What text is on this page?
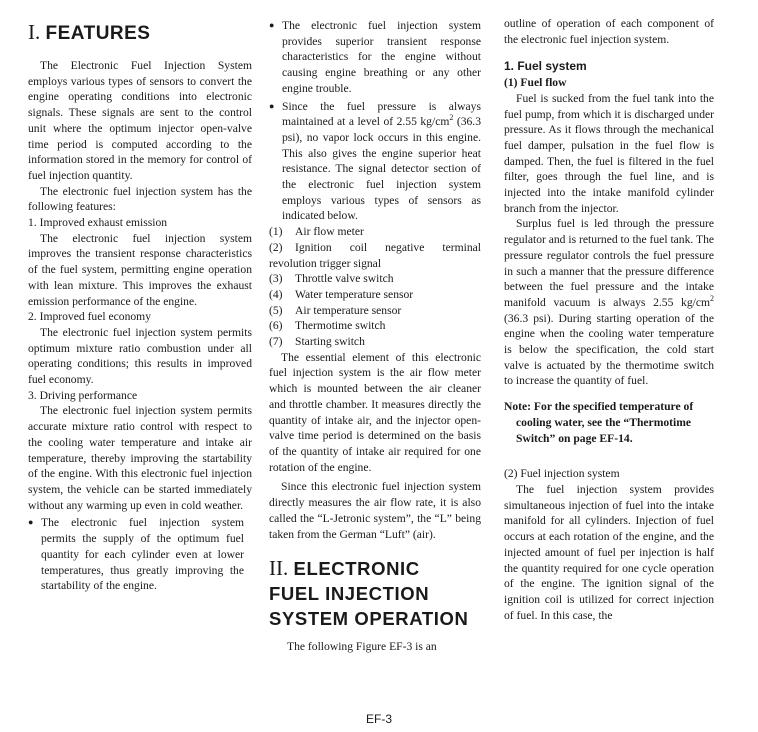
I. FEATURES

The Electronic Fuel Injection System employs various types of sensors to convert the engine operating conditions into electronic signals. These signals are sent to the control unit where the optimum injector open-valve time period is computed according to the information stored in the memory for control of fuel injection quantity.

The electronic fuel injection system has the following features:

1. Improved exhaust emission

The electronic fuel injection system improves the transient response characteristics of the fuel system, permitting engine operation with lean mixture. This improves the exhaust emission performance of the engine.

2. Improved fuel economy

The electronic fuel injection system permits optimum mixture ratio combustion under all operating conditions; this results in improved fuel economy.

3. Driving performance

The electronic fuel injection system permits accurate mixture ratio control with respect to the cooling water temperature and intake air temperature, thereby improving the startability of the engine. With this electronic fuel injection system, the vehicle can be started immediately without any warming up even in cold weather.

● The electronic fuel injection system permits the supply of the optimum fuel quantity for each cylinder even at lower temperatures, thus greatly improving the startability of the engine.

● The electronic fuel injection system provides superior transient response characteristics for the engine without causing engine breathing or any other engine trouble.

● Since the fuel pressure is always maintained at a level of 2.55 $kg/cm^2$ (36.3 psi), no vapor lock occurs in this engine. This also gives the engine superior heat resistance. The signal detector section of the electronic fuel injection system employs various types of sensors as indicated below.

(1) Air flow meter

(2) Ignition coil negative terminal revolution trigger signal

(3) Throttle valve switch

(4) Water temperature sensor

(5) Air temperature sensor

(6) Thermotime switch

(7) Starting switch

The essential element of this electronic fuel injection system is the air flow meter which is mounted between the air cleaner and throttle chamber. It measures directly the quantity of intake air, and the injector open-valve time period is determined on the basis of the quantity of intake air required for one rotation of the engine.

Since this electronic fuel injection system directly measures the air flow rate, it is also called the “L-Jetronic system”, the “L” being taken from the German “Luft” (air).

II. ELECTRONIC
FUEL INJECTION
SYSTEM OPERATION

The following Figure EF-3 is an

outline of operation of each component of the electronic fuel injection system.

1. Fuel system

(1) Fuel flow

Fuel is sucked from the fuel tank into the fuel pump, from which it is discharged under pressure. As it flows through the mechanical fuel damper, pulsation in the fuel flow is damped. Then, the fuel is filtered in the fuel filter, goes through the fuel line, and is injected into the intake manifold cylinder branch from the injector.

Surplus fuel is led through the pressure regulator and is returned to the fuel tank. The pressure regulator controls the fuel pressure in such a manner that the pressure difference between the fuel pressure and the intake manifold vacuum is always 2.55 $kg/cm^2$ (36.3 psi). During starting operation of the engine when the cooling water temperature is below the specification, the cold start valve is actuated by the thermotime switch to increase the quantity of fuel.

Note: For the specified temperature of cooling water, see the “Thermotime Switch” on page EF-14.

(2) Fuel injection system

The fuel injection system provides simultaneous injection of fuel into the intake manifold for all cylinders. Injection of fuel occurs at each rotation of the engine, and the injected amount of fuel per injection is half the quantity required for one cycle operation of the engine. The ignition signal of the ignition coil is utilized for correct injection of fuel. In this case, the

EF-3
